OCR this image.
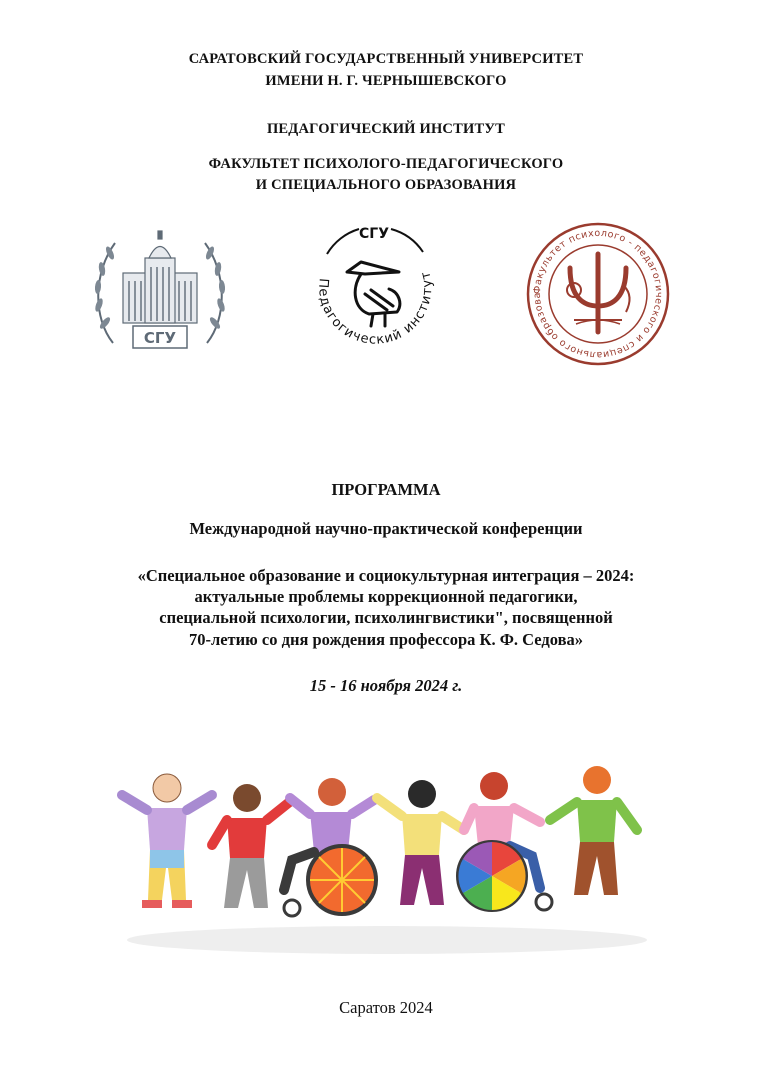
САРАТОВСКИЙ ГОСУДАРСТВЕННЫЙ УНИВЕРСИТЕТ
ИМЕНИ Н. Г. ЧЕРНЫШЕВСКОГО
ПЕДАГОГИЧЕСКИЙ ИНСТИТУТ
ФАКУЛЬТЕТ ПСИХОЛОГО-ПЕДАГОГИЧЕСКОГО
И СПЕЦИАЛЬНОГО ОБРАЗОВАНИЯ
СГУ
СГУ
Педагогический институт
Факультет психолого - педагогического и специального образова
ПРОГРАММА
Международной научно-практической конференции
«Специальное образование и социокультурная интеграция – 2024:
актуальные проблемы коррекционной педагогики,
специальной психологии, психолингвистики", посвященной
70-летию со дня рождения профессора К. Ф. Седова»
15 - 16 ноября 2024 г.
Саратов 2024
